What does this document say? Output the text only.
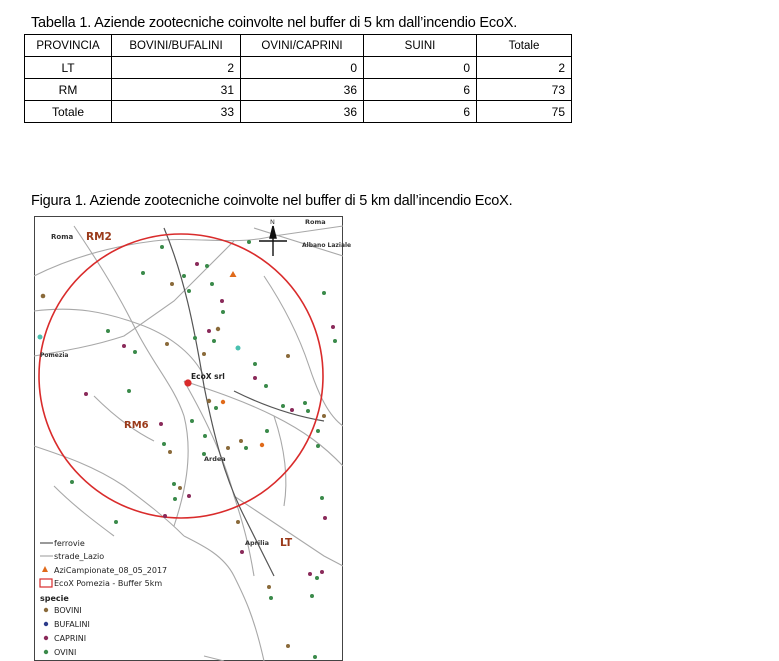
Tabella 1. Aziende zootecniche coinvolte nel buffer di 5 km dall’incendio EcoX.
PROVINCIA	BOVINI/BUFALINI	OVINI/CAPRINI	SUINI	Totale
LT	2	0	0	2
RM	31	36	6	73
Totale	33	36	6	75
Figura 1. Aziende zootecniche coinvolte nel buffer di 5 km dall’incendio EcoX.
N	Roma
Roma RM2
Albano Laziale
Pomezia
EcoX srl
RM6
Ardea
Aprilia LT
ferrovie
strade_Lazio
AziCampionate_08_05_2017
EcoX Pomezia - Buffer 5km
specie
BOVINI
BUFALINI
CAPRINI
OVINI
